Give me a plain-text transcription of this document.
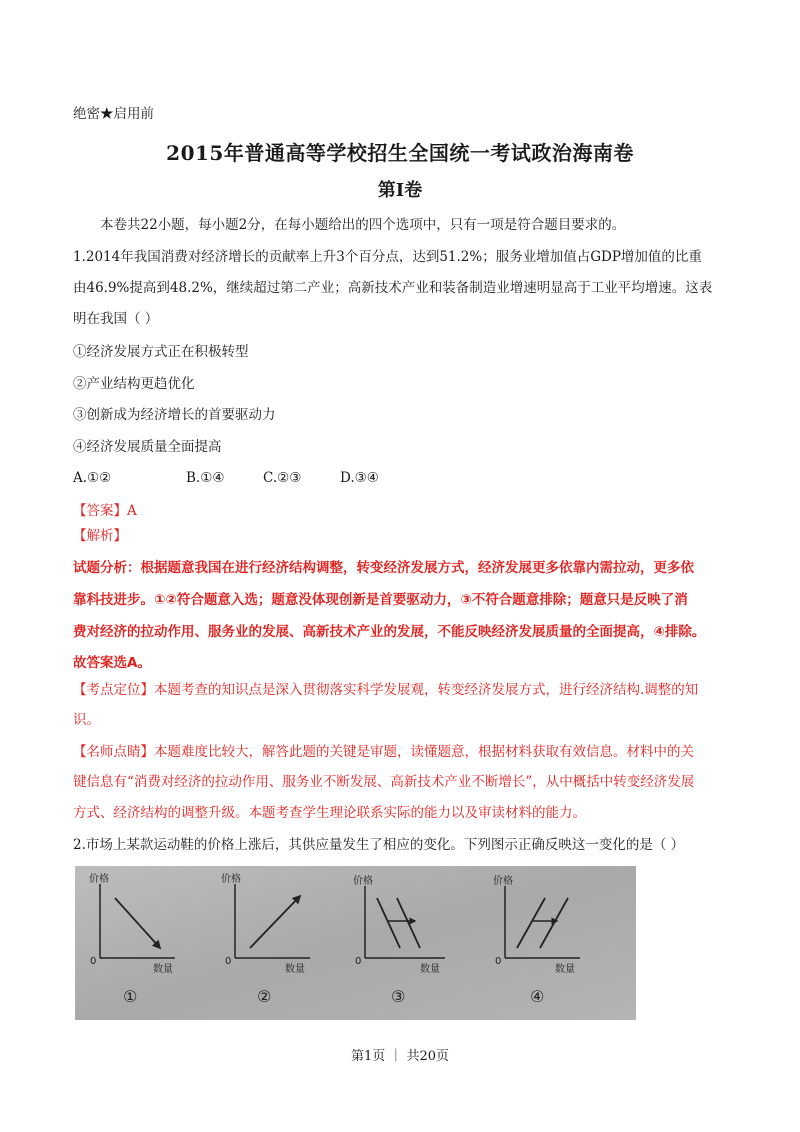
绝密★启用前
2015年普通高等学校招生全国统一考试政治海南卷
第Ⅰ卷
本卷共22小题，每小题2分，在每小题给出的四个选项中，只有一项是符合题目要求的。
1.2014年我国消费对经济增长的贡献率上升3个百分点，达到51.2%；服务业增加值占GDP增加值的比重
由46.9%提高到48.2%，继续超过第二产业；高新技术产业和装备制造业增速明显高于工业平均增速。这表
明在我国（ ）
①经济发展方式正在积极转型
②产业结构更趋优化
③创新成为经济增长的首要驱动力
④经济发展质量全面提高
A.①②	B.①④	C.②③	D.③④
【答案】A
【解析】
试题分析：根据题意我国在进行经济结构调整，转变经济发展方式，经济发展更多依靠内需拉动，更多依
靠科技进步。①②符合题意入选；题意没体现创新是首要驱动力，③不符合题意排除；题意只是反映了消
费对经济的拉动作用、服务业的发展、高新技术产业的发展，不能反映经济发展质量的全面提高，④排除。
故答案选A。
【考点定位】本题考查的知识点是深入贯彻落实科学发展观，转变经济发展方式，进行经济结构.调整的知
识。
【名师点睛】本题难度比较大，解答此题的关键是审题，读懂题意，根据材料获取有效信息。材料中的关
键信息有“消费对经济的拉动作用、服务业不断发展、高新技术产业不断增长”，从中概括中转变经济发展
方式、经济结构的调整升级。本题考查学生理论联系实际的能力以及审读材料的能力。
2.市场上某款运动鞋的价格上涨后，其供应量发生了相应的变化。下列图示正确反映这一变化的是（ ）
价格
数量
0
①
价格
数量
0
②
价格
数量
0
③
价格
数量
0
④
第1页 ｜ 共20页
